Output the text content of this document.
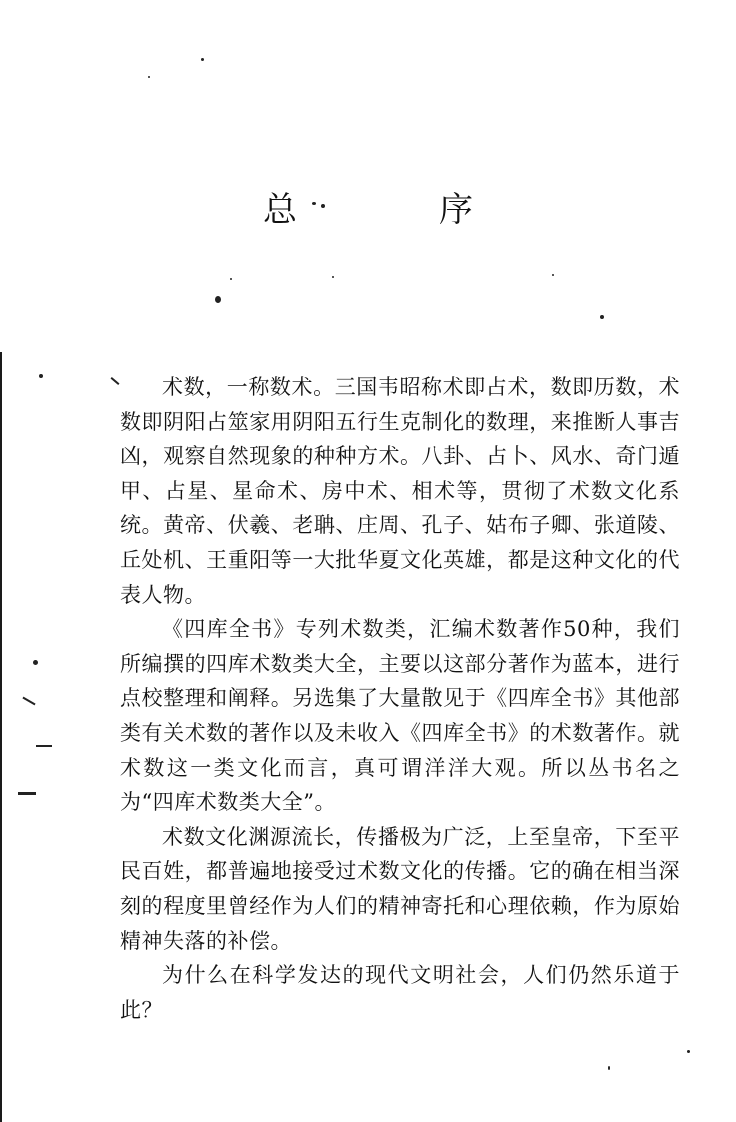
总　序

术数，一称数术。三国韦昭称术即占术，数即历数，术数即阴阳占筮家用阴阳五行生克制化的数理，来推断人事吉凶，观察自然现象的种种方术。八卦、占卜、风水、奇门遁甲、占星、星命术、房中术、相术等，贯彻了术数文化系统。黄帝、伏羲、老聃、庄周、孔子、姑布子卿、张道陵、丘处机、王重阳等一大批华夏文化英雄，都是这种文化的代表人物。

《四库全书》专列术数类，汇编术数著作50种，我们所编撰的四库术数类大全，主要以这部分著作为蓝本，进行点校整理和阐释。另选集了大量散见于《四库全书》其他部类有关术数的著作以及未收入《四库全书》的术数著作。就术数这一类文化而言，真可谓洋洋大观。所以丛书名之为“四库术数类大全”。

术数文化渊源流长，传播极为广泛，上至皇帝，下至平民百姓，都普遍地接受过术数文化的传播。它的确在相当深刻的程度里曾经作为人们的精神寄托和心理依赖，作为原始精神失落的补偿。

为什么在科学发达的现代文明社会，人们仍然乐道于此？
